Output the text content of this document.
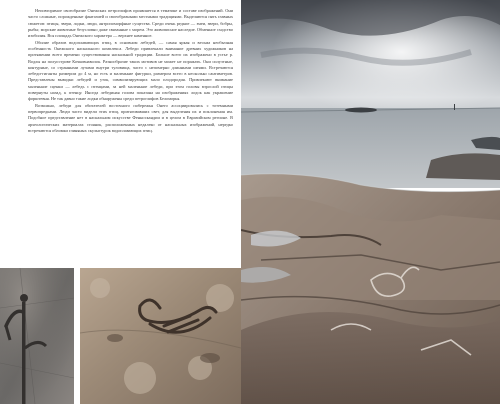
Неповторимое своеобразие Онежских петроглифов проявляется в тематике и составе изображений. Они часто сложные, порожденные фантазией и своеобразными местными традициями. Выделяются пять главных сюжетов: птицы, звери, лодки, люди, антропоморфные существа. Среди очень редкие — змеи, звери, бобры, рыбы; морские животные безусловно даже связанные с морем. Это живописное наследие. Обменное сходство изобилия. Вся площадь Онежского характера — верхнее каменное.

Обилие образов водоплавающих птиц, в основном лебедей, — самая яркая и весьма необычная особенность Онежского наскального комплекса. Лебеди привлекали внимание древних художников на протяжении всего времени существования наскальной традиции. Больше всего их изображено в устье р. Водлы на полуострове Кочковнаволок. Разнообразие таких мотивов не может не поражать. Они силуэтные, контурные, со странными лучами внутри туловища, часто с непомерно длинными шеями. Встречаются лебеди-гиганты размером до 4 м, но есть и маленькие фигурки, размером всего в несколько сантиметров. Представлены выводки лебедей и уток, символизирующих мало плодородия. Привлекают внимание маленькие сценки — лебедь с птенцами, за ней маленькие лебеди, при этом головы взрослой птицы повернуты назад, к птенцу. Иногда лебединая голова показана на изображениях лодок как украшение форштевня. Не так давно такие лодки обнаружены среди петроглифов Беломорья.

Возможно, лебеди для обитателей восточного побережья Онего ассоциировались с тотемными первопредками. Люди часто видели этих птиц, притягивавших свет, для выделения их и поклонения им. Подобное представление нет в наскальном искусстве Фенноскандии и в целом в Евразийском регионе. В археологических материалах стоянок, расположенных недалеко от наскальных изображений, нередко встречаются обломки глиняных скульптурок водоплавающих птиц.
